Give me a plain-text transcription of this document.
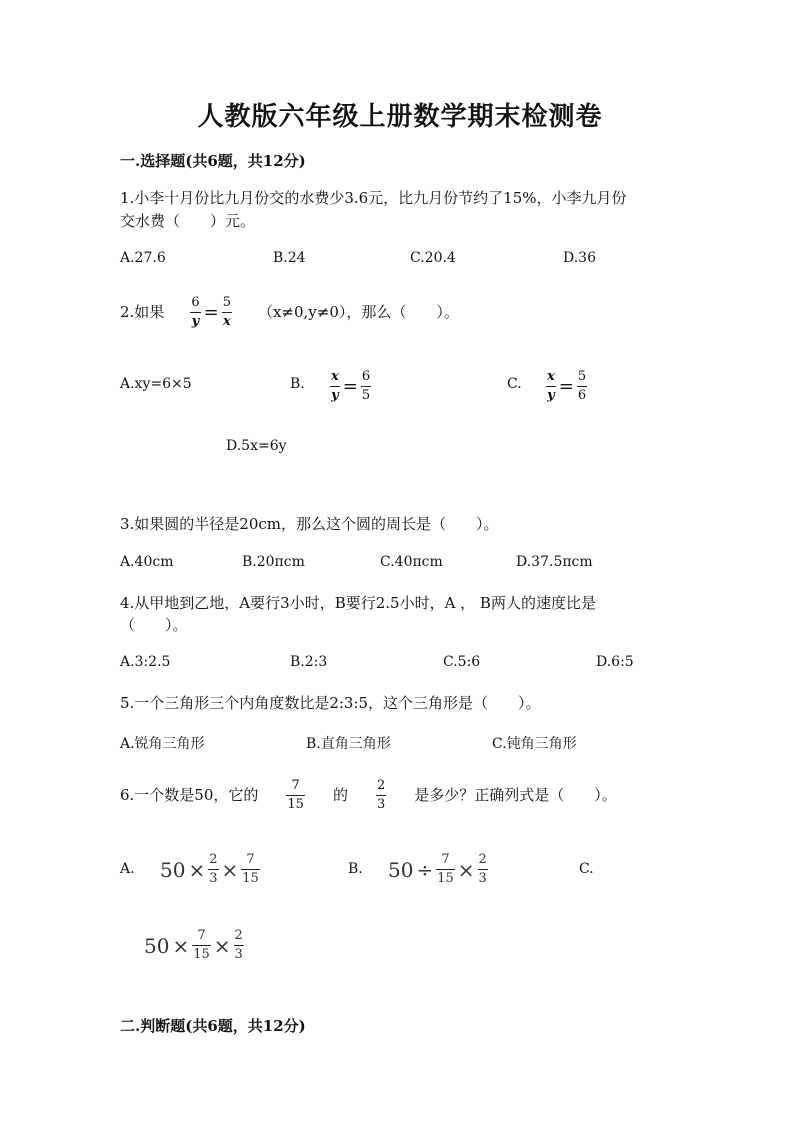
人教版六年级上册数学期末检测卷
一.选择题(共6题，共12分)
1.小李十月份比九月份交的水费少3.6元，比九月份节约了15%，小李九月份
交水费（　　）元。
A.27.6	B.24	C.20.4	D.36
2.如果 $\frac{6}{y} = \frac{5}{x} (x\ne 0,y\ne 0)$，那么（　　）。
A.xy=6×5	B. $\frac{x}{y} = \frac{6}{5}$	C. $\frac{x}{y} = \frac{5}{6}$
D.5x=6y
3.如果圆的半径是20cm，那么这个圆的周长是（　　）。
A.40cm	B.20πcm	C.40πcm	D.37.5πcm
4.从甲地到乙地，A要行3小时，B要行2.5小时，A ， B两人的速度比是
（　　）。
A.3:2.5	B.2:3	C.5:6	D.6:5
5.一个三角形三个内角度数比是2:3:5，这个三角形是（　　）。
A.锐角三角形	B.直角三角形	C.钝角三角形
6.一个数是50，它的 $\frac{7}{15}$ 的 $\frac{2}{3}$ 是多少？正确列式是（　　）。
A. $50 \times \frac{2}{3} \times \frac{7}{15}$	B. $50 \div \frac{7}{15} \times \frac{2}{3}$	C.
$50 \times \frac{7}{15} \times \frac{2}{3}$
二.判断题(共6题，共12分)
